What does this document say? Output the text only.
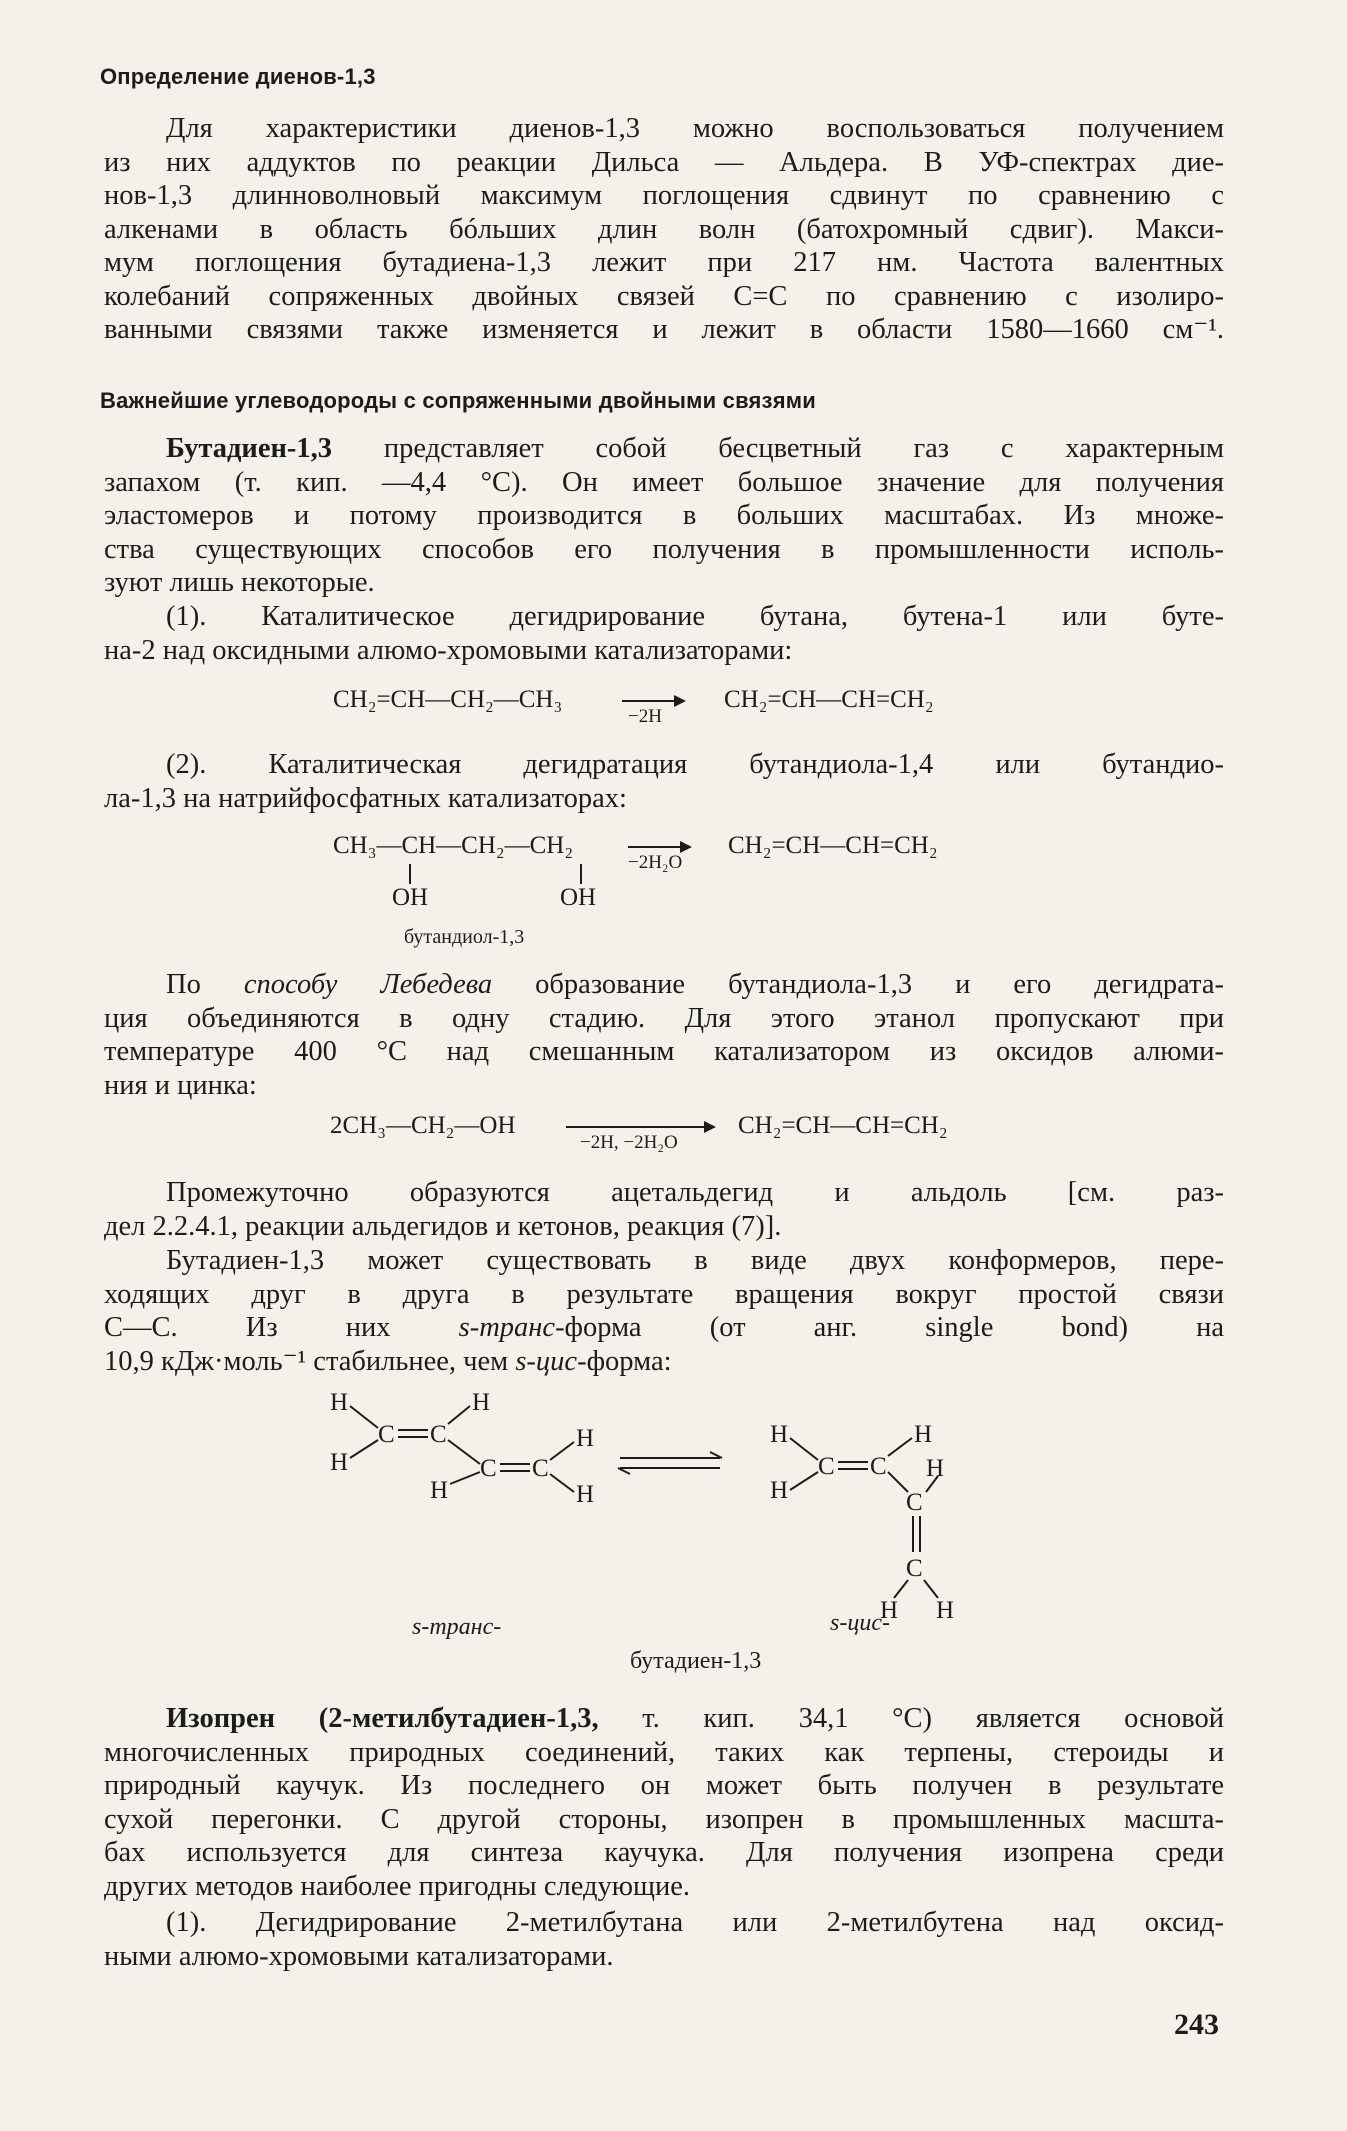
Определение диенов-1,3
Для характеристики диенов-1,3 можно воспользоваться получением
из них аддуктов по реакции Дильса — Альдера. В УФ-спектрах дие-
нов-1,3 длинноволновый максимум поглощения сдвинут по сравнению с
алкенами в область бóльших длин волн (батохромный сдвиг). Макси-
мум поглощения бутадиена-1,3 лежит при 217 нм. Частота валентных
колебаний сопряженных двойных связей C=C по сравнению с изолиро-
ванными связями также изменяется и лежит в области 1580—1660 см⁻¹.
Важнейшие углеводороды с сопряженными двойными связями
Бутадиен-1,3 представляет собой бесцветный газ с характерным
запахом (т. кип. —4,4 °C). Он имеет большое значение для получения
эластомеров и потому производится в больших масштабах. Из множе-
ства существующих способов его получения в промышленности исполь-
зуют лишь некоторые.
(1). Каталитическое дегидрирование бутана, бутена-1 или буте-
на-2 над оксидными алюмо-хромовыми катализаторами:
CH₂=CH—CH₂—CH₃
−2H
CH₂=CH—CH=CH₂
(2). Каталитическая дегидратация бутандиола-1,4 или бутандио-
ла-1,3 на натрийфосфатных катализаторах:
CH₃—CH—CH₂—CH₂
OH	OH
−2H₂O
CH₂=CH—CH=CH₂
бутандиол-1,3
По способу Лебедева образование бутандиола-1,3 и его дегидрата-
ция объединяются в одну стадию. Для этого этанол пропускают при
температуре 400 °C над смешанным катализатором из оксидов алюми-
ния и цинка:
2CH₃—CH₂—OH
−2H, −2H₂O
CH₂=CH—CH=CH₂
Промежуточно образуются ацетальдегид и альдоль [см. раз-
дел 2.2.4.1, реакции альдегидов и кетонов, реакция (7)].
Бутадиен-1,3 может существовать в виде двух конформеров, пере-
ходящих друг в друга в результате вращения вокруг простой связи
C—C. Из них s-транс-форма (от анг. single bond) на
10,9 кДж·моль⁻¹ стабильнее, чем s-цис-форма:
H
H
C C
H
C
H
C
H
H
H
H
C C
H
H
C
C
H H
s-транс-	s-цис-
бутадиен-1,3
Изопрен (2-метилбутадиен-1,3, т. кип. 34,1 °C) является основой
многочисленных природных соединений, таких как терпены, стероиды и
природный каучук. Из последнего он может быть получен в результате
сухой перегонки. С другой стороны, изопрен в промышленных масшта-
бах используется для синтеза каучука. Для получения изопрена среди
других методов наиболее пригодны следующие.
(1). Дегидрирование 2-метилбутана или 2-метилбутена над оксид-
ными алюмо-хромовыми катализаторами.
243
